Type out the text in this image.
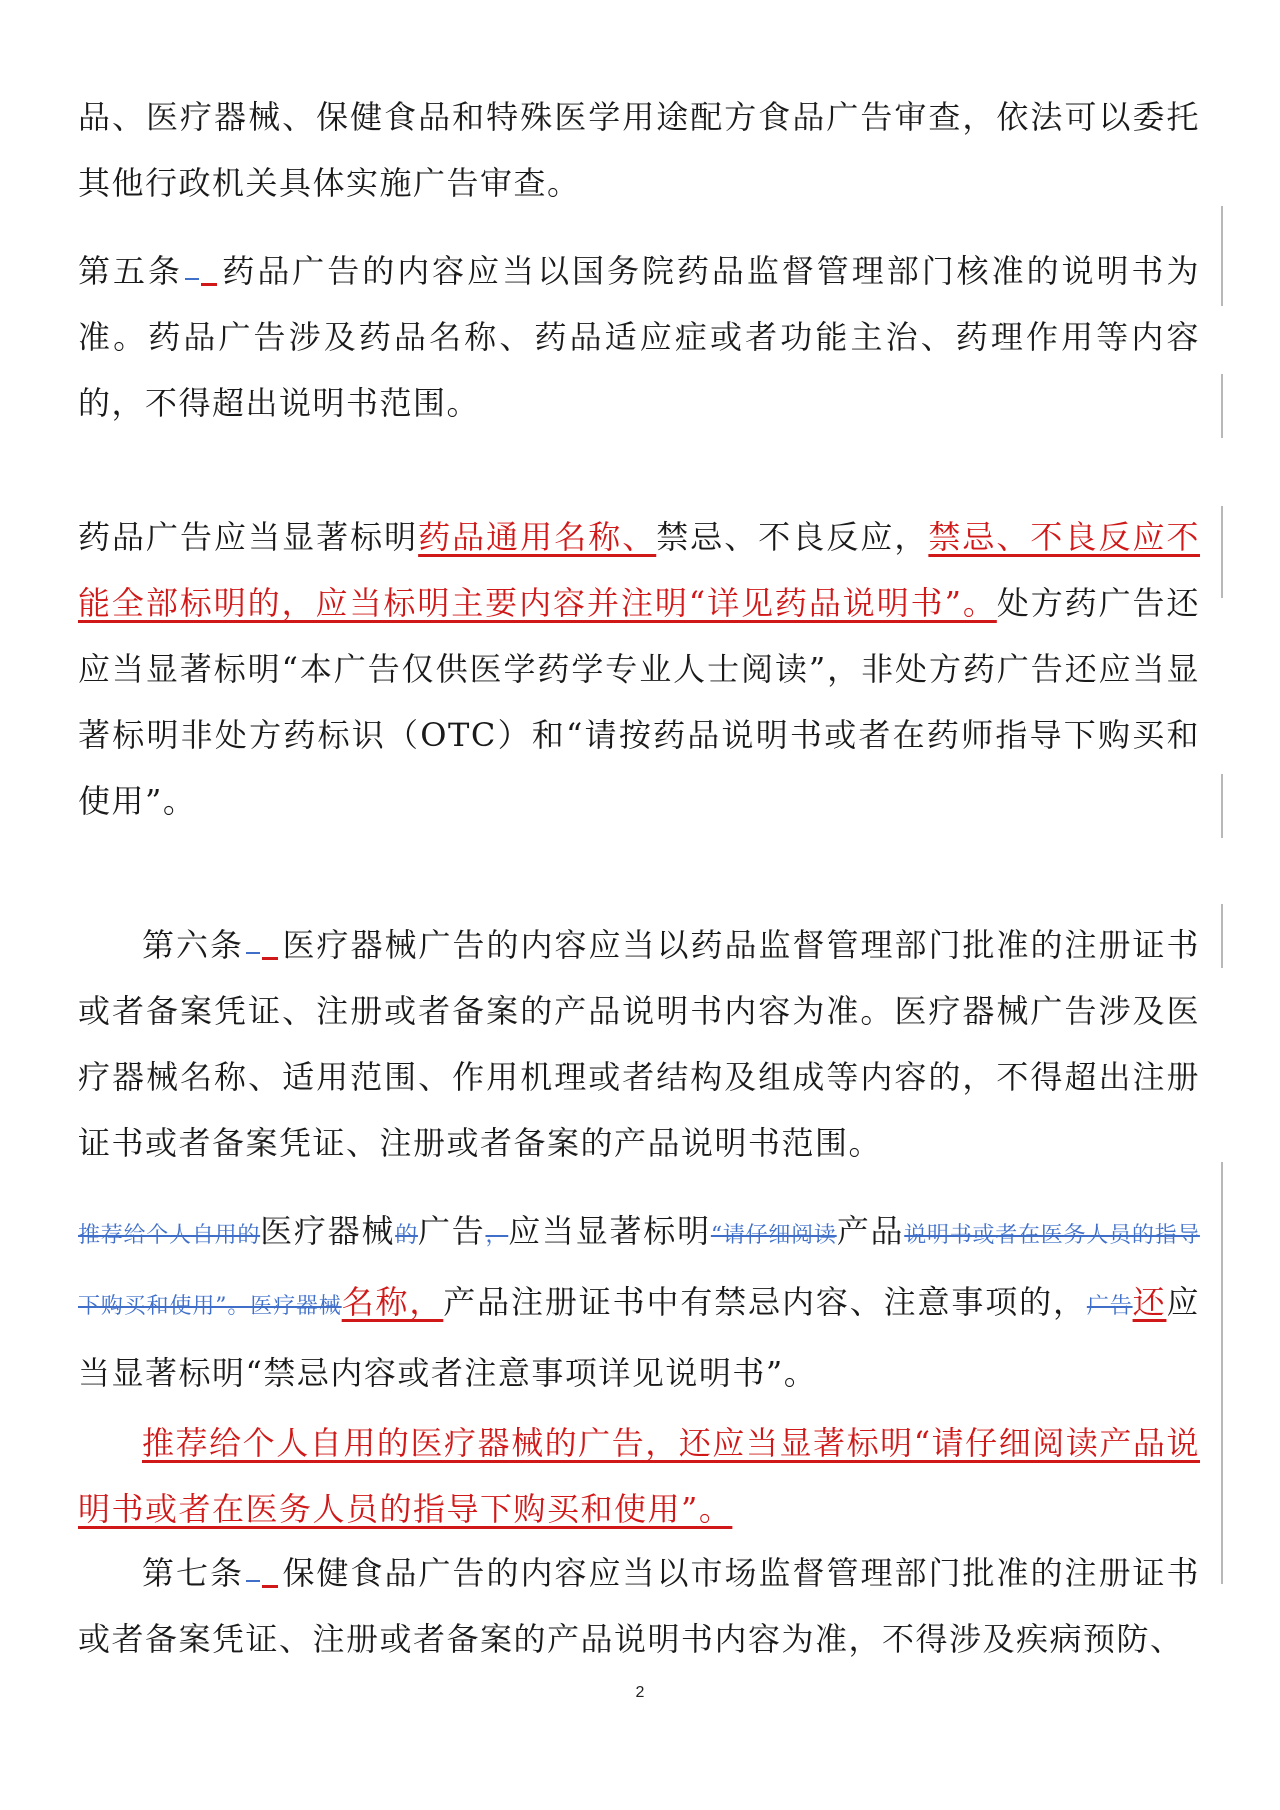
品、医疗器械、保健食品和特殊医学用途配方食品广告审查，依法可以委托其他行政机关具体实施广告审查。

第五条 药品广告的内容应当以国务院药品监督管理部门核准的说明书为准。药品广告涉及药品名称、药品适应症或者功能主治、药理作用等内容的，不得超出说明书范围。

药品广告应当显著标明药品通用名称、禁忌、不良反应，禁忌、不良反应不能全部标明的，应当标明主要内容并注明“详见药品说明书”。处方药广告还应当显著标明“本广告仅供医学药学专业人士阅读”，非处方药广告还应当显著标明非处方药标识（OTC）和“请按药品说明书或者在药师指导下购买和使用”。

第六条 医疗器械广告的内容应当以药品监督管理部门批准的注册证书或者备案凭证、注册或者备案的产品说明书内容为准。医疗器械广告涉及医疗器械名称、适用范围、作用机理或者结构及组成等内容的，不得超出注册证书或者备案凭证、注册或者备案的产品说明书范围。

推荐给个人自用的医疗器械的广告，应当显著标明“请仔细阅读产品说明书或者在医务人员的指导下购买和使用”。医疗器械名称，产品注册证书中有禁忌内容、注意事项的，广告还应当显著标明“禁忌内容或者注意事项详见说明书”。

推荐给个人自用的医疗器械的广告，还应当显著标明“请仔细阅读产品说明书或者在医务人员的指导下购买和使用”。

第七条 保健食品广告的内容应当以市场监督管理部门批准的注册证书或者备案凭证、注册或者备案的产品说明书内容为准，不得涉及疾病预防、

2
